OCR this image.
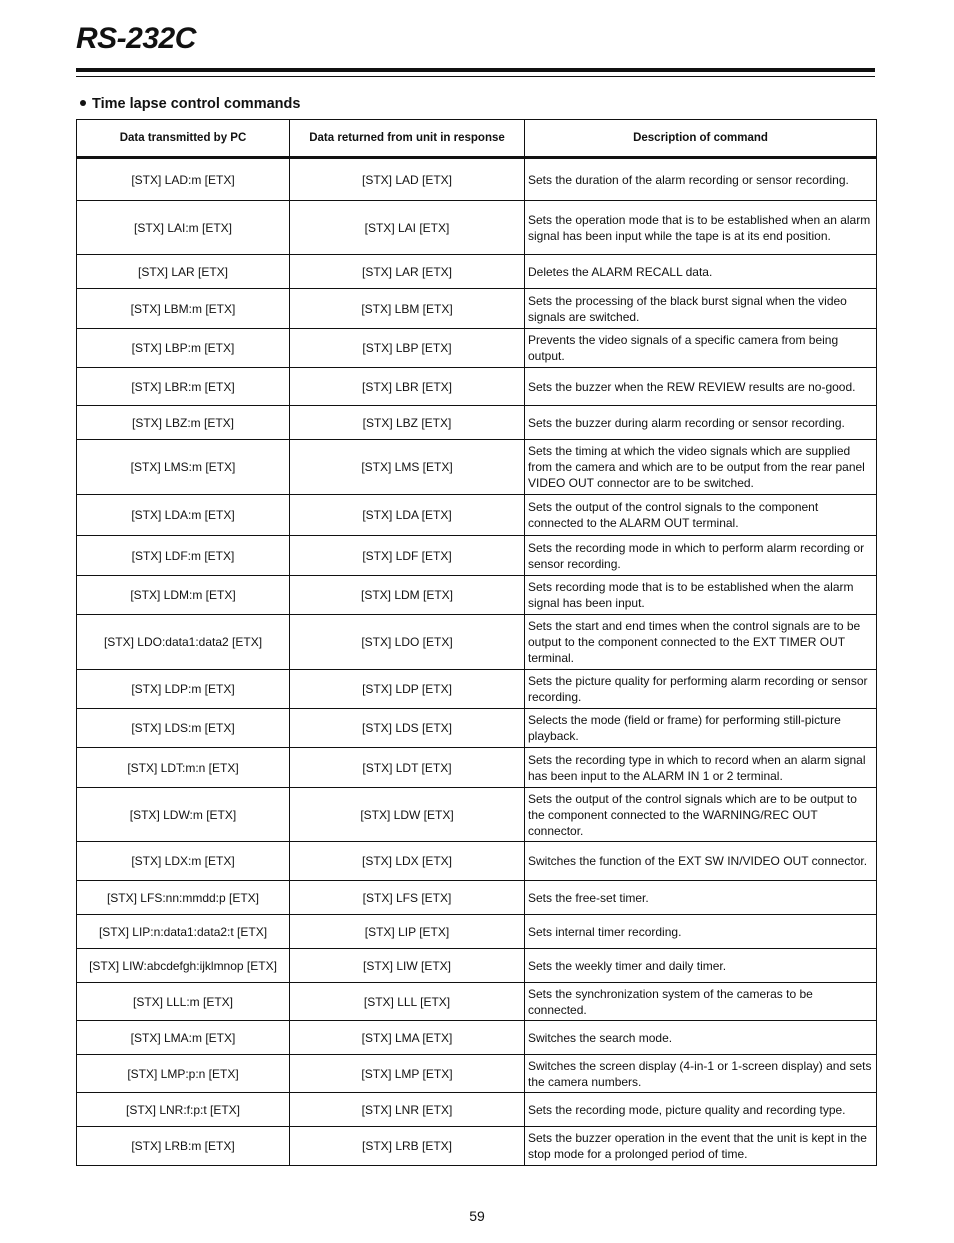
RS-232C
Time lapse control commands
Data transmitted by PC	Data returned from unit in response	Description of command
[STX] LAD:m [ETX]	[STX] LAD [ETX]	Sets the duration of the alarm recording or sensor recording.
[STX] LAI:m [ETX]	[STX] LAI [ETX]	Sets the operation mode that is to be established when an alarm signal has been input while the tape is at its end position.
[STX] LAR [ETX]	[STX] LAR [ETX]	Deletes the ALARM RECALL data.
[STX] LBM:m [ETX]	[STX] LBM [ETX]	Sets the processing of the black burst signal when the video signals are switched.
[STX] LBP:m [ETX]	[STX] LBP [ETX]	Prevents the video signals of a specific camera from being output.
[STX] LBR:m [ETX]	[STX] LBR [ETX]	Sets the buzzer when the REW REVIEW results are no-good.
[STX] LBZ:m [ETX]	[STX] LBZ [ETX]	Sets the buzzer during alarm recording or sensor recording.
[STX] LMS:m [ETX]	[STX] LMS [ETX]	Sets the timing at which the video signals which are supplied from the camera and which are to be output from the rear panel VIDEO OUT connector are to be switched.
[STX] LDA:m [ETX]	[STX] LDA [ETX]	Sets the output of the control signals to the component connected to the ALARM OUT terminal.
[STX] LDF:m [ETX]	[STX] LDF [ETX]	Sets the recording mode in which to perform alarm recording or sensor recording.
[STX] LDM:m [ETX]	[STX] LDM [ETX]	Sets recording mode that is to be established when the alarm signal has been input.
[STX] LDO:data1:data2 [ETX]	[STX] LDO [ETX]	Sets the start and end times when the control signals are to be output to the component connected to the EXT TIMER OUT terminal.
[STX] LDP:m [ETX]	[STX] LDP [ETX]	Sets the picture quality for performing alarm recording or sensor recording.
[STX] LDS:m [ETX]	[STX] LDS [ETX]	Selects the mode (field or frame) for performing still-picture playback.
[STX] LDT:m:n [ETX]	[STX] LDT [ETX]	Sets the recording type in which to record when an alarm signal has been input to the ALARM IN 1 or 2 terminal.
[STX] LDW:m [ETX]	[STX] LDW [ETX]	Sets the output of the control signals which are to be output to the component connected to the WARNING/REC OUT connector.
[STX] LDX:m [ETX]	[STX] LDX [ETX]	Switches the function of the EXT SW IN/VIDEO OUT connector.
[STX] LFS:nn:mmdd:p [ETX]	[STX] LFS [ETX]	Sets the free-set timer.
[STX] LIP:n:data1:data2:t [ETX]	[STX] LIP [ETX]	Sets internal timer recording.
[STX] LIW:abcdefgh:ijklmnop [ETX]	[STX] LIW [ETX]	Sets the weekly timer and daily timer.
[STX] LLL:m [ETX]	[STX] LLL [ETX]	Sets the synchronization system of the cameras to be connected.
[STX] LMA:m [ETX]	[STX] LMA [ETX]	Switches the search mode.
[STX] LMP:p:n [ETX]	[STX] LMP [ETX]	Switches the screen display (4-in-1 or 1-screen display) and sets the camera numbers.
[STX] LNR:f:p:t [ETX]	[STX] LNR [ETX]	Sets the recording mode, picture quality and recording type.
[STX] LRB:m [ETX]	[STX] LRB [ETX]	Sets the buzzer operation in the event that the unit is kept in the stop mode for a prolonged period of time.
59
